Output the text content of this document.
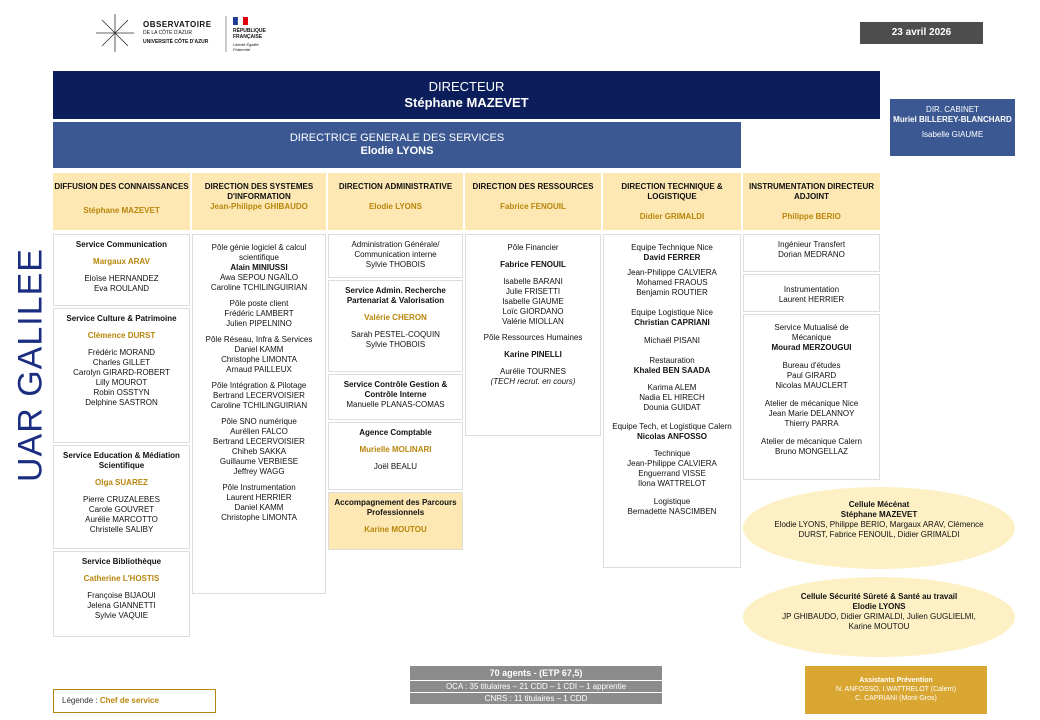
OBSERVATOIRE
DE LA CÔTE D'AZUR
UNIVERSITÉ CÔTE D'AZUR
RÉPUBLIQUE FRANÇAISE
Liberté Égalité Fraternité
23 avril 2026
UAR GALILEE
DIRECTEUR
Stéphane MAZEVET
DIRECTRICE GENERALE DES SERVICES
Elodie LYONS
DIR. CABINET
Muriel BILLEREY-BLANCHARD
Isabelle GIAUME
DIFFUSION DES CONNAISSANCES
Stéphane MAZEVET
Service Communication
Margaux ARAV
Eloïse HERNANDEZ
Eva ROULAND
Service Culture & Patrimoine
Clémence DURST
Frédéric MORAND
Charles GILLET
Carolyn GIRARD-ROBERT
Lilly MOUROT
Robin OSSTYN
Delphine SASTRON
Service Education & Médiation Scientifique
Olga SUAREZ
Pierre CRUZALEBES
Carole GOUVRET
Aurélie MARCOTTO
Christelle SALIBY
Service Bibliothèque
Catherine L'HOSTIS
Françoise BIJAOUI
Jelena GIANNETTI
Sylvie VAQUIE
DIRECTION DES SYSTEMES D'INFORMATION
Jean-Philippe GHIBAUDO
Pôle génie logiciel & calcul scientifique
Alain MINIUSSI
Awa SEPOU NGAÏLO
Caroline TCHILINGUIRIAN
Pôle poste client
Frédéric LAMBERT
Julien PIPELNINO
Pôle Réseau, Infra & Services
Daniel KAMM
Christophe LIMONTA
Arnaud PAILLEUX
Pôle Intégration & Pilotage
Bertrand LECERVOISIER
Caroline TCHILINGUIRIAN
Pôle SNO numérique
Aurélien FALCO
Bertrand LECERVOISIER
Chiheb SAKKA
Guillaume VERBIESE
Jeffrey WAGG
Pôle Instrumentation
Laurent HERRIER
Daniel KAMM
Christophe LIMONTA
DIRECTION ADMINISTRATIVE
Elodie LYONS
Administration Générale/ Communication interne
Sylvie THOBOIS
Service Admin. Recherche Partenariat & Valorisation
Valérie CHERON
Sarah PESTEL-COQUIN
Sylvie THOBOIS
Service Contrôle Gestion & Contrôle Interne
Manuelle PLANAS-COMAS
Agence Comptable
Murielle MOLINARI
Joël BEALU
Accompagnement des Parcours Professionnels
Karine MOUTOU
DIRECTION DES RESSOURCES
Fabrice FENOUIL
Pôle Financier
Fabrice FENOUIL
Isabelle BARANI
Julie FRISETTI
Isabelle GIAUME
Loïc GIORDANO
Valérie MIOLLAN
Pôle Ressources Humaines
Karine PINELLI
Aurélie TOURNES
(TECH recrut. en cours)
DIRECTION TECHNIQUE & LOGISTIQUE
Didier GRIMALDI
Equipe Technique Nice
David FERRER
Jean-Philippe CALVIERA
Mohamed FRAOUS
Benjamin ROUTIER
Equipe Logistique Nice
Christian CAPRIANI
Michaël PISANI
Restauration
Khaled BEN SAADA
Karima ALEM
Nadia EL HIRECH
Dounia GUIDAT
Equipe Tech, et Logistique Calern
Nicolas ANFOSSO
Technique
Jean-Philippe CALVIERA
Enguerrand VISSE
Ilona WATTRELOT
Logistique
Bernadette NASCIMBEN
INSTRUMENTATION DIRECTEUR ADJOINT
Philippe BERIO
Ingénieur Transfert
Dorian MEDRANO
Instrumentation
Laurent HERRIER
Service Mutualisé de Mécanique
Mourad MERZOUGUI
Bureau d'études
Paul GIRARD
Nicolas MAUCLERT
Atelier de mécanique Nice
Jean Marie DELANNOY
Thierry PARRA
Atelier de mécanique Calern
Bruno MONGELLAZ
Cellule Mécénat
Stéphane MAZEVET
Elodie LYONS, Philippe BERIO, Margaux ARAV, Clémence DURST, Fabrice FENOUIL, Didier GRIMALDI
Cellule Sécurité Sûreté & Santé au travail
Elodie LYONS
JP GHIBAUDO, Didier GRIMALDI, Julien GUGLIELMI, Karine MOUTOU
70 agents - (ETP 67,5)
OCA : 35 titulaires – 21 CDD – 1 CDI – 1 apprentie
CNRS : 11 titulaires – 1 CDD
Légende : Chef de service
Assistants Prévention
N. ANFOSSO, I.WATTRELOT (Calern)
C. CAPRIANI (Mont-Gros)
